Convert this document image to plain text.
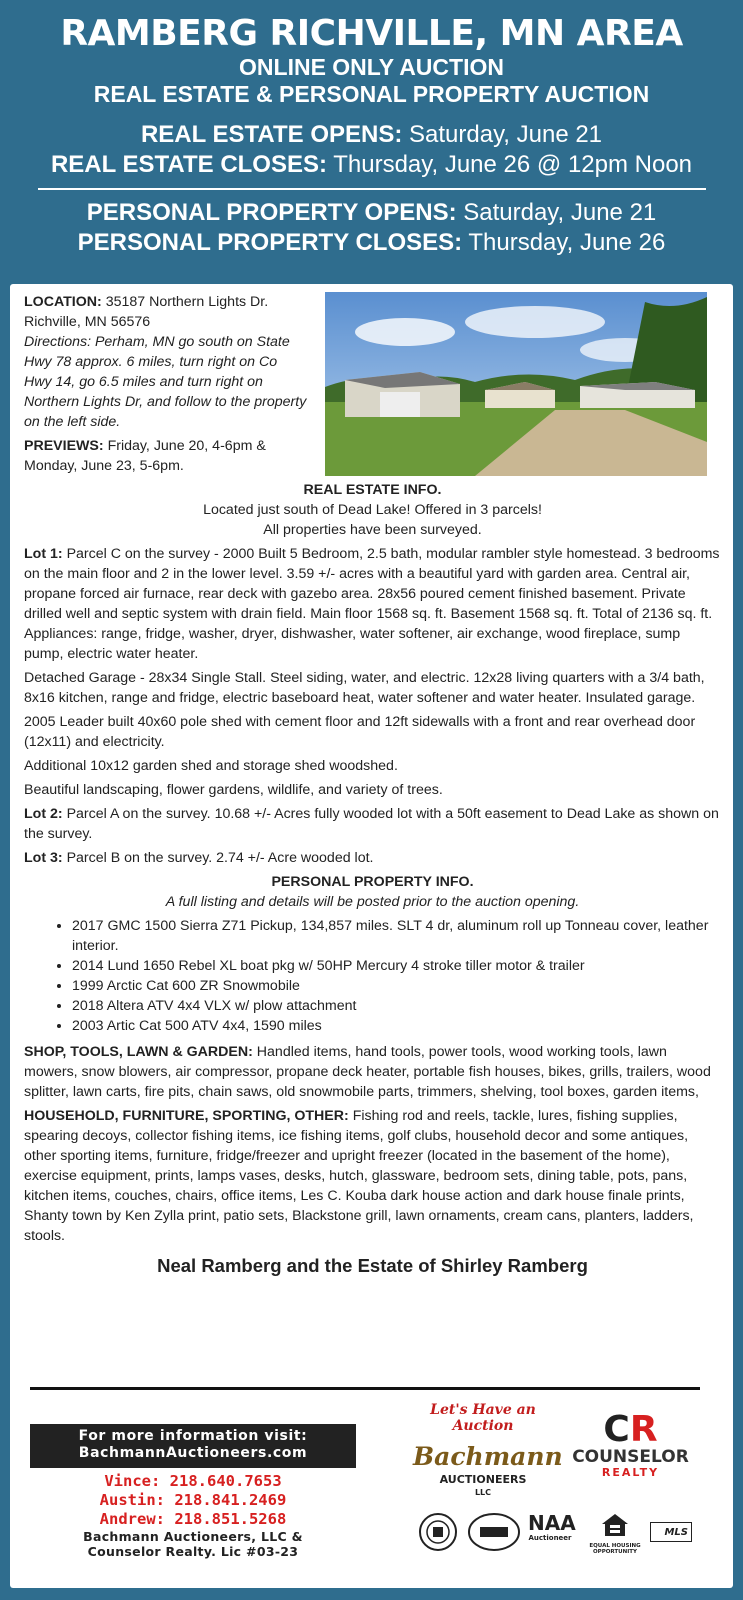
RAMBERG RICHVILLE, MN AREA
ONLINE ONLY AUCTION
REAL ESTATE & PERSONAL PROPERTY AUCTION
REAL ESTATE OPENS: Saturday, June 21
REAL ESTATE CLOSES: Thursday, June 26 @ 12pm Noon
PERSONAL PROPERTY OPENS: Saturday, June 21
PERSONAL PROPERTY CLOSES: Thursday, June 26

LOCATION: 35187 Northern Lights Dr.
Richville, MN 56576
Directions: Perham, MN go south on State Hwy 78 approx. 6 miles, turn right on Co Hwy 14, go 6.5 miles and turn right on Northern Lights Dr, and follow to the property on the left side.

PREVIEWS: Friday, June 20, 4-6pm & Monday, June 23, 5-6pm.

REAL ESTATE INFO.
Located just south of Dead Lake! Offered in 3 parcels!

All properties have been surveyed.

Lot 1: Parcel C on the survey - 2000 Built 5 Bedroom, 2.5 bath, modular rambler style homestead. 3 bedrooms on the main floor and 2 in the lower level. 3.59 +/- acres with a beautiful yard with garden area. Central air, propane forced air furnace, rear deck with gazebo area. 28x56 poured cement finished basement. Private drilled well and septic system with drain field. Main floor 1568 sq. ft. Basement 1568 sq. ft. Total of 2136 sq. ft. Appliances: range, fridge, washer, dryer, dishwasher, water softener, air exchange, wood fireplace, sump pump, electric water heater.

Detached Garage - 28x34 Single Stall. Steel siding, water, and electric. 12x28 living quarters with a 3/4 bath, 8x16 kitchen, range and fridge, electric baseboard heat, water softener and water heater. Insulated garage.

2005 Leader built 40x60 pole shed with cement floor and 12ft sidewalls with a front and rear overhead door (12x11) and electricity.

Additional 10x12 garden shed and storage shed woodshed.

Beautiful landscaping, flower gardens, wildlife, and variety of trees.

Lot 2: Parcel A on the survey. 10.68 +/- Acres fully wooded lot with a 50ft easement to Dead Lake as shown on the survey.

Lot 3: Parcel B on the survey. 2.74 +/- Acre wooded lot.

PERSONAL PROPERTY INFO.
A full listing and details will be posted prior to the auction opening.
• 2017 GMC 1500 Sierra Z71 Pickup, 134,857 miles. SLT 4 dr, aluminum roll up Tonneau cover, leather interior.
• 2014 Lund 1650 Rebel XL boat pkg w/ 50HP Mercury 4 stroke tiller motor & trailer
• 1999 Arctic Cat 600 ZR Snowmobile
• 2018 Altera ATV 4x4 VLX w/ plow attachment
• 2003 Artic Cat 500 ATV 4x4, 1590 miles

SHOP, TOOLS, LAWN & GARDEN: Handled items, hand tools, power tools, wood working tools, lawn mowers, snow blowers, air compressor, propane deck heater, portable fish houses, bikes, grills, trailers, wood splitter, lawn carts, fire pits, chain saws, old snowmobile parts, trimmers, shelving, tool boxes, garden items,

HOUSEHOLD, FURNITURE, SPORTING, OTHER: Fishing rod and reels, tackle, lures, fishing supplies, spearing decoys, collector fishing items, ice fishing items, golf clubs, household decor and some antiques, other sporting items, furniture, fridge/freezer and upright freezer (located in the basement of the home), exercise equipment, prints, lamps vases, desks, hutch, glassware, bedroom sets, dining table, pots, pans, kitchen items, couches, chairs, office items, Les C. Kouba dark house action and dark house finale prints, Shanty town by Ken Zylla print, patio sets, Blackstone grill, lawn ornaments, cream cans, planters, ladders, stools.

Neal Ramberg and the Estate of Shirley Ramberg
For more information visit:
BachmannAuctioneers.com
Vince: 218.640.7653
Austin: 218.841.2469
Andrew: 218.851.5268
Bachmann Auctioneers, LLC &
Counselor Realty. Lic #03-23
Let's Have an Auction
Bachmann
AUCTIONEERS
LLC
CR
COUNSELOR
REALTY
NAA
Auctioneer
EQUAL HOUSING OPPORTUNITY
MLS
